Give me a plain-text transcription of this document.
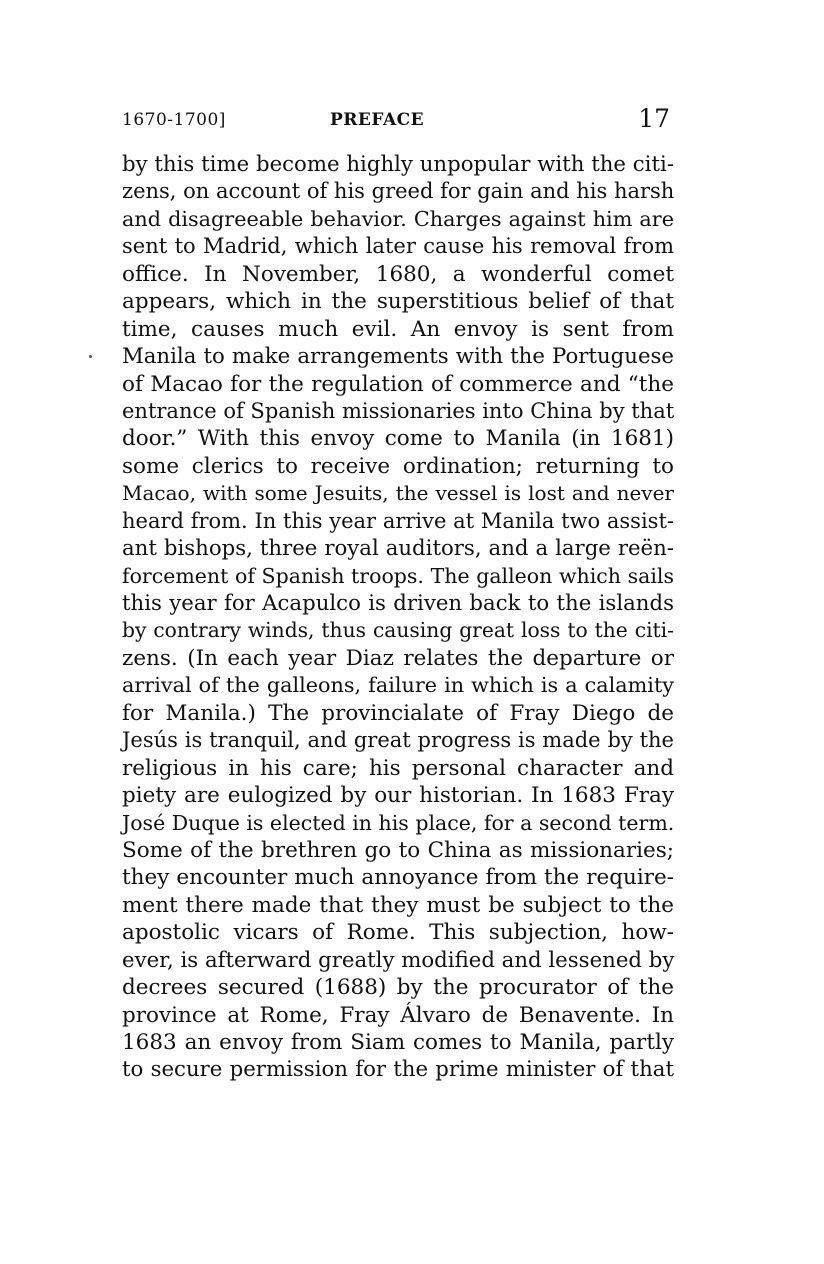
1670-1700]	PREFACE	17
by this time become highly unpopular with the citi-
zens, on account of his greed for gain and his harsh
and disagreeable behavior. Charges against him are
sent to Madrid, which later cause his removal from
office. In November, 1680, a wonderful comet
appears, which in the superstitious belief of that
time, causes much evil. An envoy is sent from
Manila to make arrangements with the Portuguese
of Macao for the regulation of commerce and “the
entrance of Spanish missionaries into China by that
door.” With this envoy come to Manila (in 1681)
some clerics to receive ordination; returning to
Macao, with some Jesuits, the vessel is lost and never
heard from. In this year arrive at Manila two assist-
ant bishops, three royal auditors, and a large reën-
forcement of Spanish troops. The galleon which sails
this year for Acapulco is driven back to the islands
by contrary winds, thus causing great loss to the citi-
zens. (In each year Diaz relates the departure or
arrival of the galleons, failure in which is a calamity
for Manila.) The provincialate of Fray Diego de
Jesús is tranquil, and great progress is made by the
religious in his care; his personal character and
piety are eulogized by our historian. In 1683 Fray
José Duque is elected in his place, for a second term.
Some of the brethren go to China as missionaries;
they encounter much annoyance from the require-
ment there made that they must be subject to the
apostolic vicars of Rome. This subjection, how-
ever, is afterward greatly modified and lessened by
decrees secured (1688) by the procurator of the
province at Rome, Fray Álvaro de Benavente. In
1683 an envoy from Siam comes to Manila, partly
to secure permission for the prime minister of that
